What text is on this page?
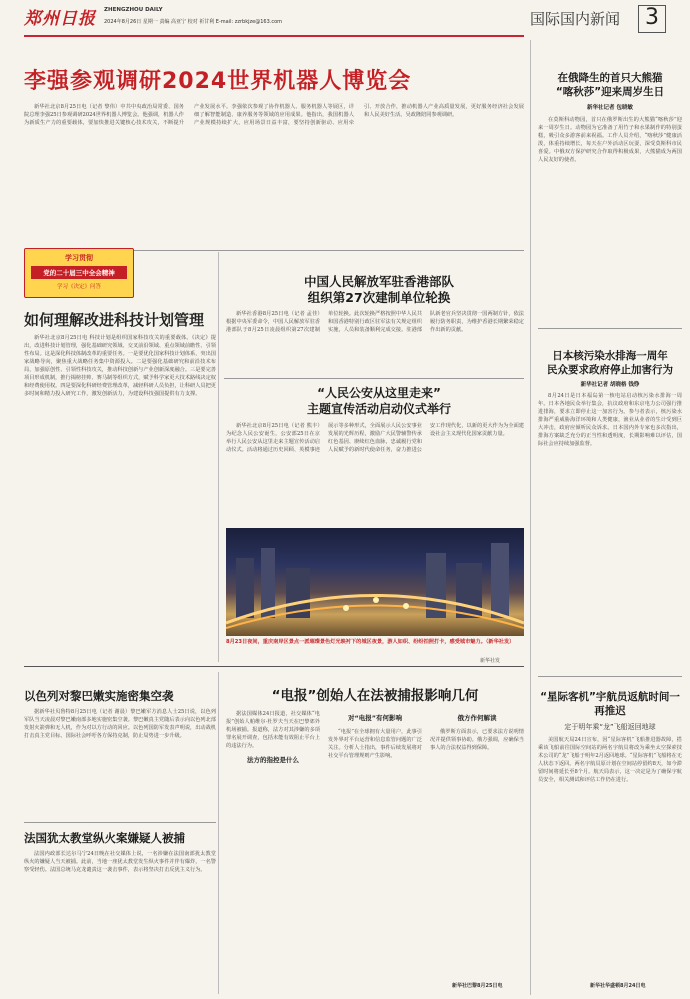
郑州日报 ZHENGZHOU DAILY
2024年8月26日 星期一 责编 高亚宁 校对 祈甘利 E-mail: zzrbkjze@163.com	国际国内新闻 3
李强参观调研2024世界机器人博览会

新华社北京8月25日电（记者 黎伟）中共中央政治局常委、国务院总理李强25日参观调研2024世界机器人博览会。他强调，机器人作为新质生产力的重要载体，要加快推进关键核心技术攻关，不断提升产业发展水平。李强依次参观了协作机器人、服务机器人等展区，详细了解智能制造、康养服务等领域的应用成果。他指出，我国机器人产业规模持续扩大，应用场景日益丰富，要坚持创新驱动、应用牵引、开放合作，推动机器人产业高质量发展，更好服务经济社会发展和人民美好生活。吴政隆陪同参观调研。

学习贯彻
党的二十届三中全会精神
学习《决定》问答
如何理解改进科技计划管理

新华社北京8月25日电 科技计划是组织国家科技攻关的重要载体。《决定》提出，改进科技计划管理，强化基础研究领域、交叉前沿领域、重点领域前瞻性、引领性布局。这是深化科技体制改革的重要任务。一是要优化国家科技计划体系，突出国家战略导向，聚焦重大战略任务集中资源投入。二是要强化基础研究和前沿技术布局，加强原创性、引领性科技攻关，推动科技创新与产业创新深度融合。三是要完善项目形成机制，推行揭榜挂帅、赛马制等组织方式，赋予科学家更大技术路线决定权和经费使用权。四是要深化科研经费管理改革，减轻科研人员负担，让科研人员把更多时间和精力投入研究工作，激发创新活力，为建设科技强国提供有力支撑。

中国人民解放军驻香港部队
组织第27次建制单位轮换

新华社香港8月25日电（记者 孟佳）根据中央军委命令，中国人民解放军驻香港部队于8月25日凌晨组织第27次建制单位轮换。此次轮换严格按照中华人民共和国香港特别行政区驻军法有关规定组织实施，人员和装备顺利完成交接。驻港部队新老官兵坚决贯彻一国两制方针，依法履行防务职责，为维护香港长期繁荣稳定作出新的贡献。

“人民公安从这里走来”
主题宣传活动启动仪式举行

新华社北京8月25日电（记者 熊丰）为纪念人民公安诞生，公安部25日在京举行人民公安从这里走来主题宣传活动启动仪式。活动将通过历史回顾、英模事迹展示等多种形式，全面展示人民公安事业发展的光辉历程，激励广大民警辅警传承红色基因、赓续红色血脉，忠诚履行党和人民赋予的新时代使命任务，奋力推进公安工作现代化，以新的更大作为为全面建设社会主义现代化国家贡献力量。

8月23日夜间，重庆南岸区景点一派璀璨景色灯光映衬下的城区夜景，游人如织、纷纷拍照打卡，感受城市魅力。（新华社发）
新华社发
在俄降生的首只大熊猫
“喀秋莎”迎来周岁生日
新华社记者 包晓敏

在莫斯科动物园，首只在俄罗斯出生的大熊猫“喀秋莎”迎来一周岁生日。动物园为它准备了用竹子和水果制作的特别蛋糕，吸引众多游客前来祝福。工作人员介绍，“喀秋莎”健康活泼，体重持续增长，每天在户外活动区玩耍，深受莫斯科市民喜爱。中俄双方保护研究合作取得积极成果，大熊猫成为两国人民友好的使者。

日本核污染水排海一周年
民众要求政府停止加害行为
新华社记者 胡晓格 钱铮

8月24日是日本福岛第一核电站启动核污染水排海一周年。日本各地民众举行集会，抗议政府和东京电力公司强行推进排海，要求立即停止这一加害行为。参与者表示，核污染水排海严重威胁海洋环境和人类健康，渔业从业者的生计受到巨大冲击，政府应倾听民众诉求。日本国内外专家也多次指出，排海方案缺乏充分的正当性和透明度，长期影响难以评估，国际社会应持续加强监督。

“星际客机”宇航员返航时间一再推迟
定于明年乘“龙”飞船返回地球

美国航天局24日宣布，因“星际客机”飞船推进器故障，搭乘该飞船前往国际空间站的两名宇航员将改为乘坐太空探索技术公司的“龙”飞船于明年2月返回地球。“星际客机”飞船将在无人状态下返回。两名宇航员原计划在空间站停留约8天，如今滞留时间将延长至8个月。航天局表示，这一决定是为了确保宇航员安全，相关测试和评估工作仍在进行。

新华社华盛顿8月24日电
以色列对黎巴嫩实施密集空袭

据新华社贝鲁特8月25日电（记者 谢晨）黎巴嫩军方消息人士25日说，以色列军队当天凌晨对黎巴嫩南部多地实施密集空袭。黎巴嫩真主党随后表示向以色列北部发射火箭弹和无人机，作为对以方行动的回应。以色列国防军发表声明说，出动战机打击真主党目标。国际社会呼吁各方保持克制，防止局势进一步升级。

法国犹太教堂纵火案嫌疑人被捕

法国内政部长达尔马宁24日晚在社交媒体上说，一名涉嫌在法国南部犹太教堂纵火的嫌疑人当天被捕。此前，当地一座犹太教堂发生纵火事件并伴有爆炸，一名警察受轻伤。法国总统马克龙谴责这一袭击事件，表示将坚决打击反犹主义行为。

“电报”创始人在法被捕报影响几何

据法国媒体24日报道，社交媒体“电报”创始人帕维尔·杜罗夫当天在巴黎郊外机场被捕。报道称，法方对其涉嫌的多项罪名展开调查，包括未能有效阻止平台上的违法行为。

法方的指控是什么
对“电报”有何影响

“电报”在全球拥有大量用户，此事引发外界对平台运营和信息监管问题的广泛关注。分析人士指出，事件后续发展将对社交平台管理规则产生影响。

俄方作何解读

俄罗斯方面表示，已要求法方说明情况并提供领事协助。俄方强调，应确保当事人的合法权益得到保障。

新华社巴黎8月25日电
